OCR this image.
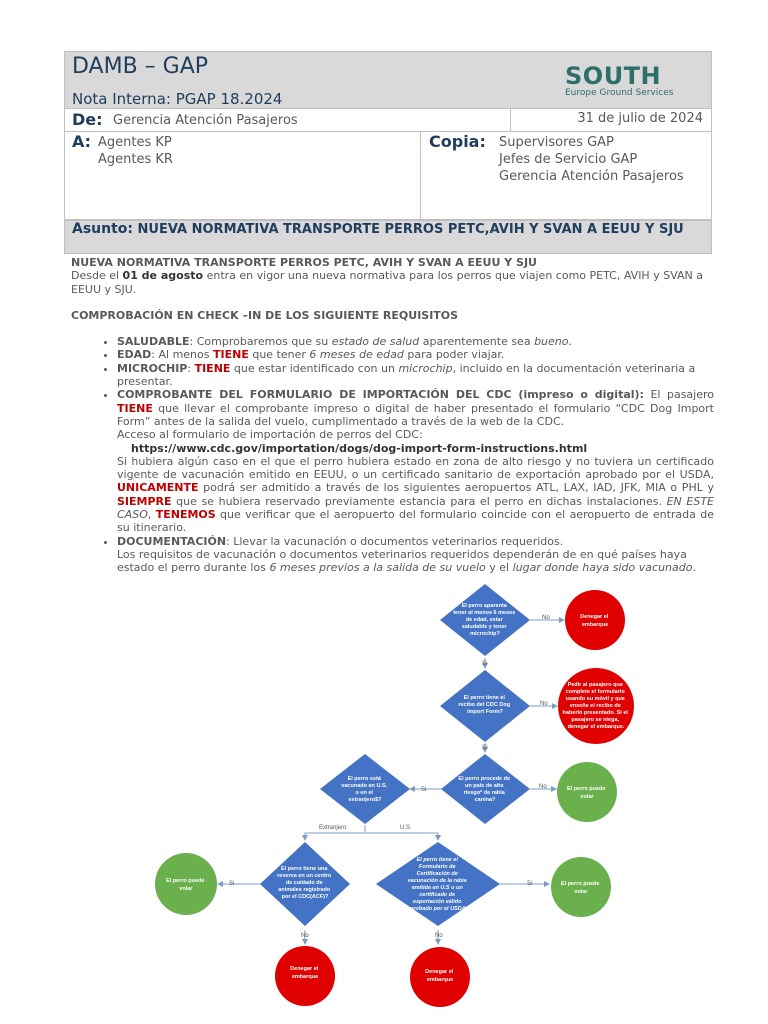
DAMB – GAP
Nota Interna: PGAP 18.2024
SOUTH
Europe Ground Services
De: Gerencia Atención Pasajeros	31 de julio de 2024
A: Agentes KP
Agentes KR
Copia: Supervisores GAP
Jefes de Servicio GAP
Gerencia Atención Pasajeros
Asunto: NUEVA NORMATIVA TRANSPORTE PERROS PETC,AVIH Y SVAN A EEUU Y SJU

NUEVA NORMATIVA TRANSPORTE PERROS PETC, AVIH Y SVAN A EEUU Y SJU

Desde el 01 de agosto entra en vigor una nueva normativa para los perros que viajen como PETC, AVIH y SVAN a EEUU y SJU.

COMPROBACIÓN EN CHECK –IN DE LOS SIGUIENTE REQUISITOS

• SALUDABLE: Comprobaremos que su estado de salud aparentemente sea bueno.
• EDAD: Al menos TIENE que tener 6 meses de edad para poder viajar.
• MICROCHIP: TIENE que estar identificado con un microchip, incluido en la documentación veterinaria a presentar.
• COMPROBANTE DEL FORMULARIO DE IMPORTACIÓN DEL CDC (impreso o digital): El pasajero TIENE que llevar el comprobante impreso o digital de haber presentado el formulario “CDC Dog Import Form” antes de la salida del vuelo, cumplimentado a través de la web de la CDC.
Acceso al formulario de importación de perros del CDC:
https://www.cdc.gov/importation/dogs/dog-import-form-instructions.html
Si hubiera algún caso en el que el perro hubiera estado en zona de alto riesgo y no tuviera un certificado vigente de vacunación emitido en EEUU, o un certificado sanitario de exportación aprobado por el USDA, UNICAMENTE podrá ser admitido a través de los siguientes aeropuertos ATL, LAX, IAD, JFK, MIA o PHL y SIEMPRE que se hubiera reservado previamente estancia para el perro en dichas instalaciones. EN ESTE CASO, TENEMOS que verificar que el aeropuerto del formulario coincide con el aeropuerto de entrada de su itinerario.
• DOCUMENTACIÓN: Llevar la vacunación o documentos veterinarios requeridos.
Los requisitos de vacunación o documentos veterinarios requeridos dependerán de en qué países haya estado el perro durante los 6 meses previos a la salida de su vuelo y el lugar donde haya sido vacunado.
No
Si
No
Sí
No
Si
Extranjero	U.S.
Si	Sí
No	No
El perro aparenta tener al menos 6 meses de edad, estar saludable y tener microchip?
El perro tiene el recibo del CDC Dog Import Form?
El perro procede de un país de alto riesgo* de rabia canina?
El perro está vacunado en U.S. o en el extranjero$?
El perro tiene una reserva en un centro de cuidado de animales registrado por el CDC(ACF)?
El perro tiene el Formulario de Certificación de vacunación de la rabia emitida en U.S o un certificado de exportación válido aprobado por el USDA?
Denegar el embarque
Pedir al pasajero que complete el formulario usando su móvil y que enseñe el recibo de haberlo presentado. Si el pasajero se niega, denegar el embarque.
El perro puede volar
El perro puede volar
El perro puede volar
Denegar el embarque
Denegar el embarque
